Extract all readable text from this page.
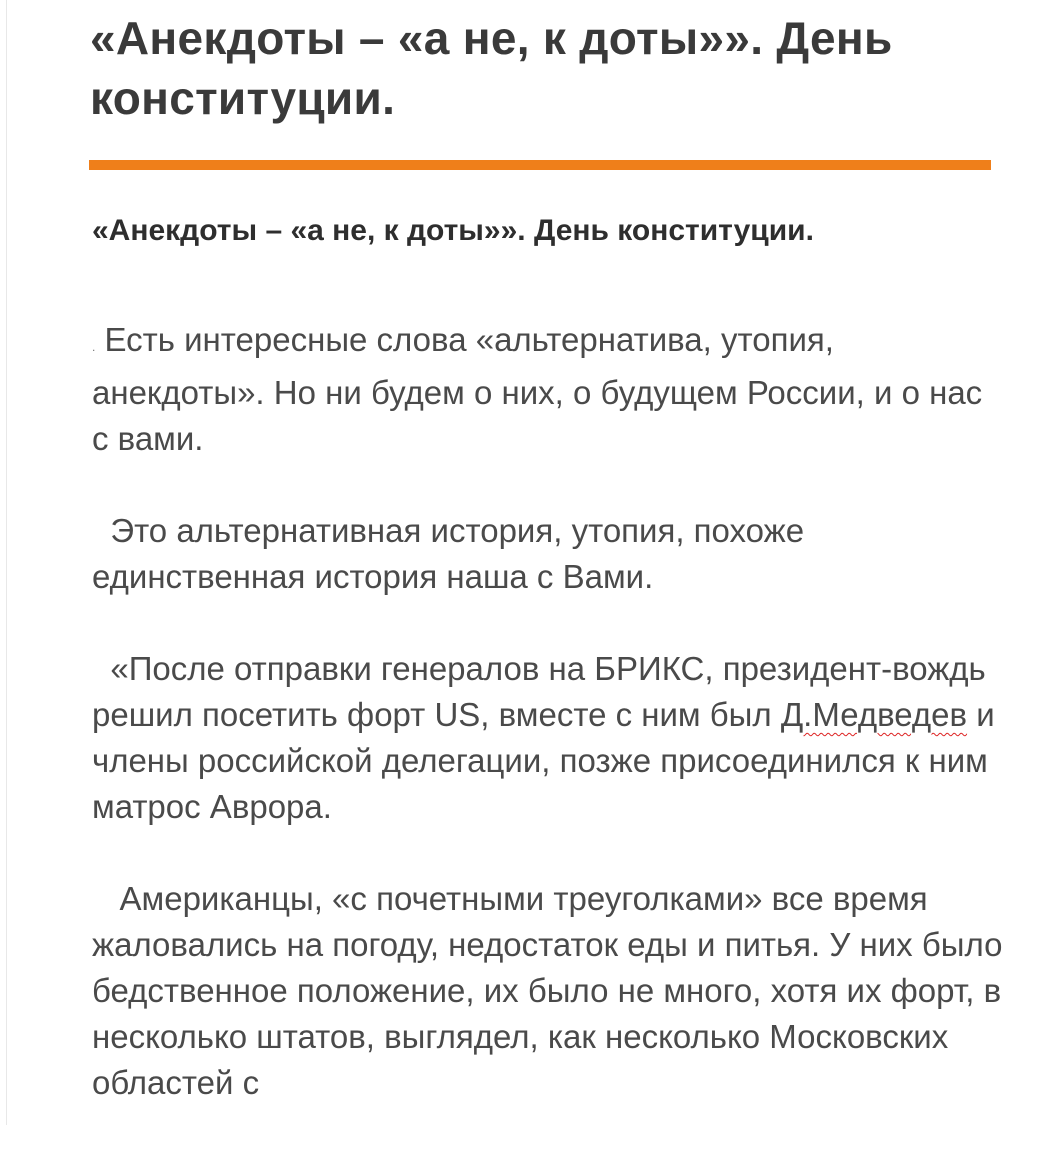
«Анекдоты – «а не, к доты»». День конституции.
«Анекдоты – «а не, к доты»». День конституции.

. Есть интересные слова «альтернатива, утопия, анекдоты». Но ни будем о них, о будущем России, и о нас с вами.

Это альтернативная история, утопия, похоже единственная история наша с Вами.

«После отправки генералов на БРИКС, президент-вождь решил посетить форт US, вместе с ним был Д.Медведев и члены российской делегации, позже присоединился к ним матрос Аврора.

Американцы, «с почетными треуголками» все время жаловались на погоду, недостаток еды и питья. У них было бедственное положение, их было не много, хотя их форт, в несколько штатов, выглядел, как несколько Московских областей с
